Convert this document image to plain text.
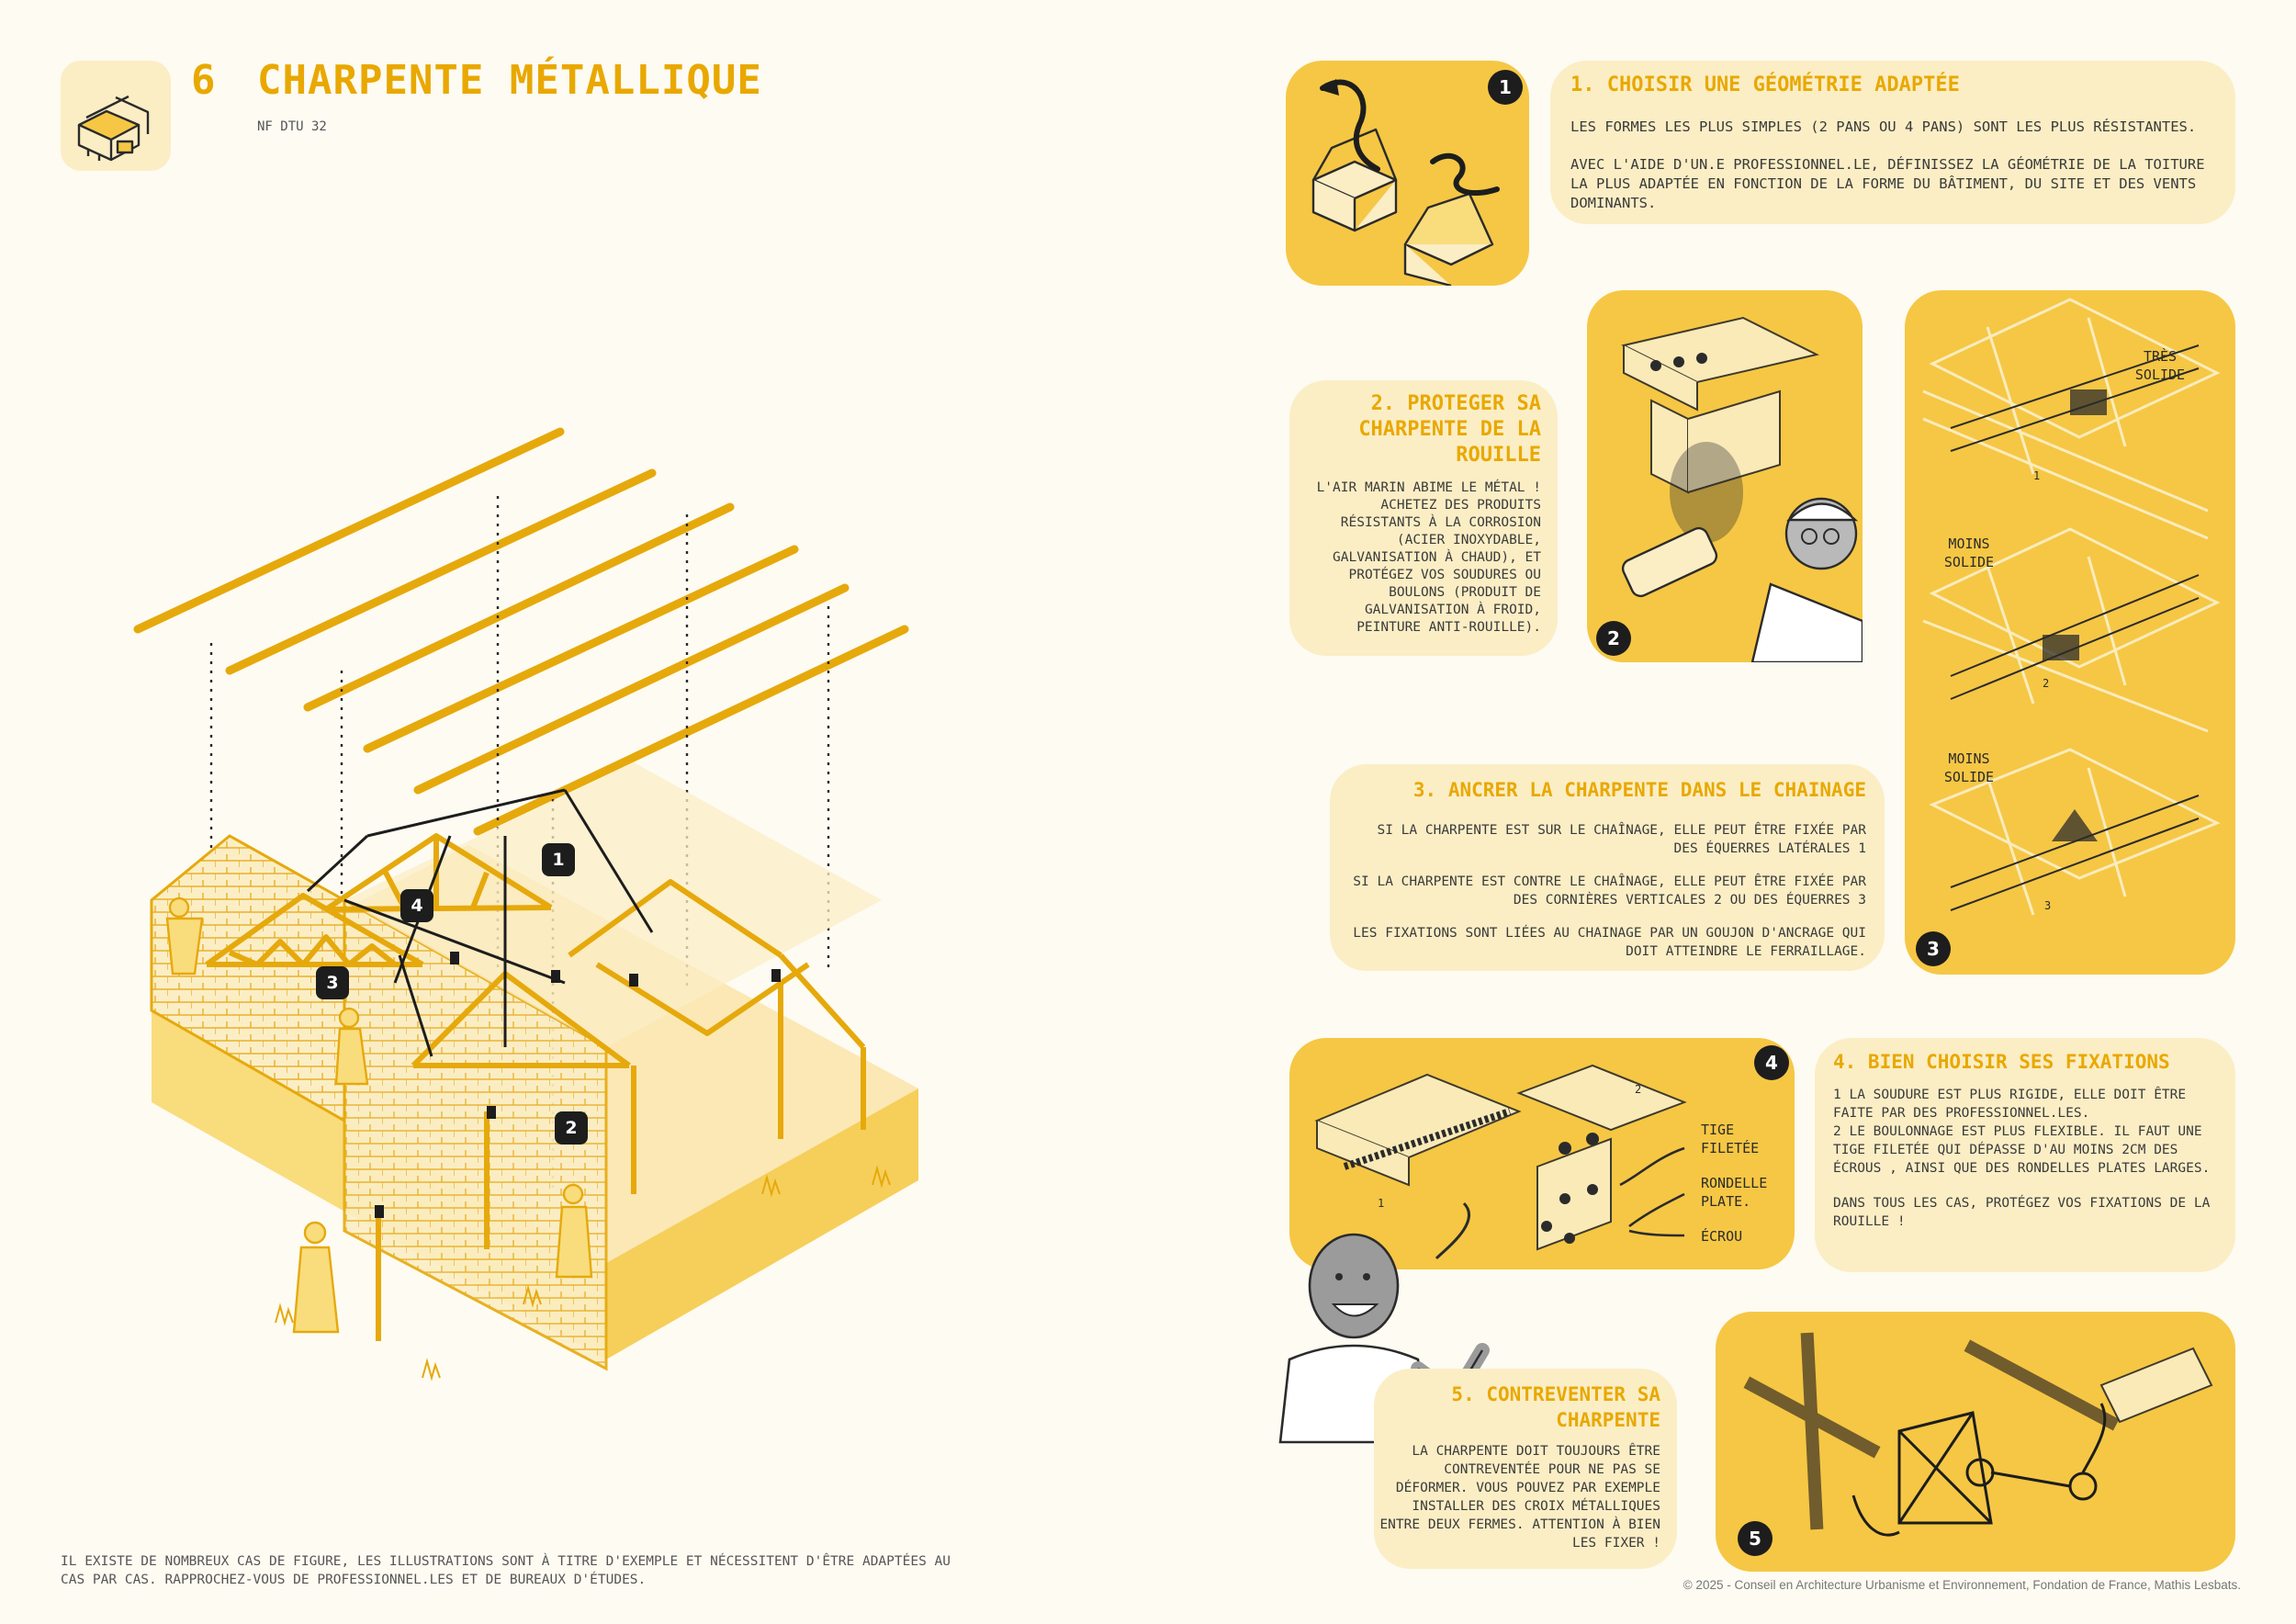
6 CHARPENTE MÉTALLIQUE
NF DTU 32
1
2
3
4
IL EXISTE DE NOMBREUX CAS DE FIGURE, LES ILLUSTRATIONS SONT À TITRE D'EXEMPLE ET NÉCESSITENT D'ÊTRE ADAPTÉES AU CAS PAR CAS. RAPPROCHEZ-VOUS DE PROFESSIONNEL.LES ET DE BUREAUX D'ÉTUDES.
1	1. CHOISIR UNE GÉOMÉTRIE ADAPTÉE

LES FORMES LES PLUS SIMPLES (2 PANS OU 4 PANS) SONT LES PLUS RÉSISTANTES.

AVEC L'AIDE D'UN.E PROFESSIONNEL.LE, DÉFINISSEZ LA GÉOMÉTRIE DE LA TOITURE LA PLUS ADAPTÉE EN FONCTION DE LA FORME DU BÂTIMENT, DU SITE ET DES VENTS DOMINANTS.

2. PROTEGER SA CHARPENTE DE LA ROUILLE
L'AIR MARIN ABIME LE MÉTAL ! ACHETEZ DES PRODUITS RÉSISTANTS À LA CORROSION (ACIER INOXYDABLE, GALVANISATION À CHAUD), ET PROTÉGEZ VOS SOUDURES OU BOULONS (PRODUIT DE GALVANISATION À FROID, PEINTURE ANTI-ROUILLE).	2
TRÈS SOLIDE
MOINS SOLIDE
MOINS SOLIDE
1
2
3
3
3. ANCRER LA CHARPENTE DANS LE CHAINAGE

SI LA CHARPENTE EST SUR LE CHAÎNAGE, ELLE PEUT ÊTRE FIXÉE PAR DES ÉQUERRES LATÉRALES 1

SI LA CHARPENTE EST CONTRE LE CHAÎNAGE, ELLE PEUT ÊTRE FIXÉE PAR DES CORNIÈRES VERTICALES 2 OU DES ÉQUERRES 3

LES FIXATIONS SONT LIÉES AU CHAINAGE PAR UN GOUJON D'ANCRAGE QUI DOIT ATTEINDRE LE FERRAILLAGE.

TIGE FILETÉE
RONDELLE PLATE.
ÉCROU
1
2
4	4. BIEN CHOISIR SES FIXATIONS

1 LA SOUDURE EST PLUS RIGIDE, ELLE DOIT ÊTRE FAITE PAR DES PROFESSIONNEL.LES.

2 LE BOULONNAGE EST PLUS FLEXIBLE. IL FAUT UNE TIGE FILETÉE QUI DÉPASSE D'AU MOINS 2CM DES ÉCROUS , AINSI QUE DES RONDELLES PLATES LARGES.

DANS TOUS LES CAS, PROTÉGEZ VOS FIXATIONS DE LA ROUILLE !

5. CONTREVENTER SA CHARPENTE
LA CHARPENTE DOIT TOUJOURS ÊTRE CONTREVENTÉE POUR NE PAS SE DÉFORMER. VOUS POUVEZ PAR EXEMPLE INSTALLER DES CROIX MÉTALLIQUES ENTRE DEUX FERMES. ATTENTION À BIEN LES FIXER !	5
© 2025 - Conseil en Architecture Urbanisme et Environnement, Fondation de France, Mathis Lesbats.
